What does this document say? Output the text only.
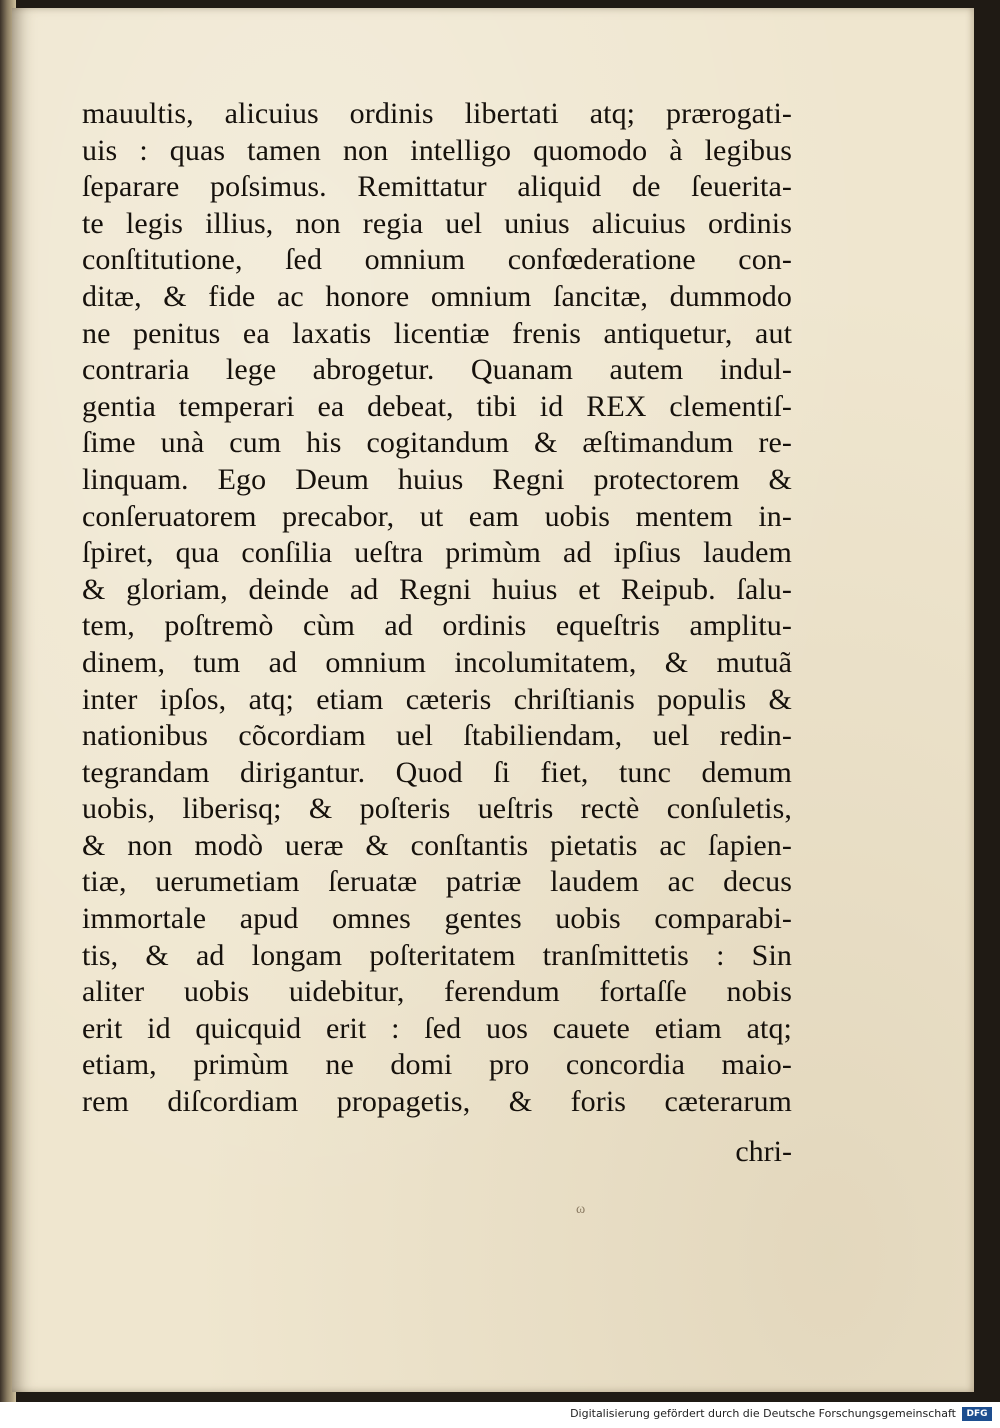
mauultis, alicuius ordinis libertati atq; prærogati-
uis : quas tamen non intelligo quomodo à legibus
ſeparare poſsimus. Remittatur aliquid de ſeuerita-
te legis illius, non regia uel unius alicuius ordinis
conſtitutione, ſed omnium confœderatione con-
ditæ, & fide ac honore omnium ſancitæ, dummodo
ne penitus ea laxatis licentiæ frenis antiquetur, aut
contraria lege abrogetur. Quanam autem indul-
gentia temperari ea debeat, tibi id REX clementiſ-
ſime unà cum his cogitandum & æſtimandum re-
linquam. Ego Deum huius Regni protectorem &
conſeruatorem precabor, ut eam uobis mentem in-
ſpiret, qua conſilia ueſtra primùm ad ipſius laudem
& gloriam, deinde ad Regni huius et Reipub. ſalu-
tem, poſtremò cùm ad ordinis equeſtris amplitu-
dinem, tum ad omnium incolumitatem, & mutuã
inter ipſos, atq; etiam cæteris chriſtianis populis &
nationibus cõcordiam uel ſtabiliendam, uel redin-
tegrandam dirigantur. Quod ſi fiet, tunc demum
uobis, liberisq; & poſteris ueſtris rectè conſuletis,
& non modò ueræ & conſtantis pietatis ac ſapien-
tiæ, uerumetiam ſeruatæ patriæ laudem ac decus
immortale apud omnes gentes uobis comparabi-
tis, & ad longam poſteritatem tranſmittetis : Sin
aliter uobis uidebitur, ferendum fortaſſe nobis
erit id quicquid erit : ſed uos cauete etiam atq;
etiam, primùm ne domi pro concordia maio-
rem diſcordiam propagetis, & foris cæterarum
chri-
ω
Digitalisierung gefördert durch die Deutsche Forschungsgemeinschaft	DFG
